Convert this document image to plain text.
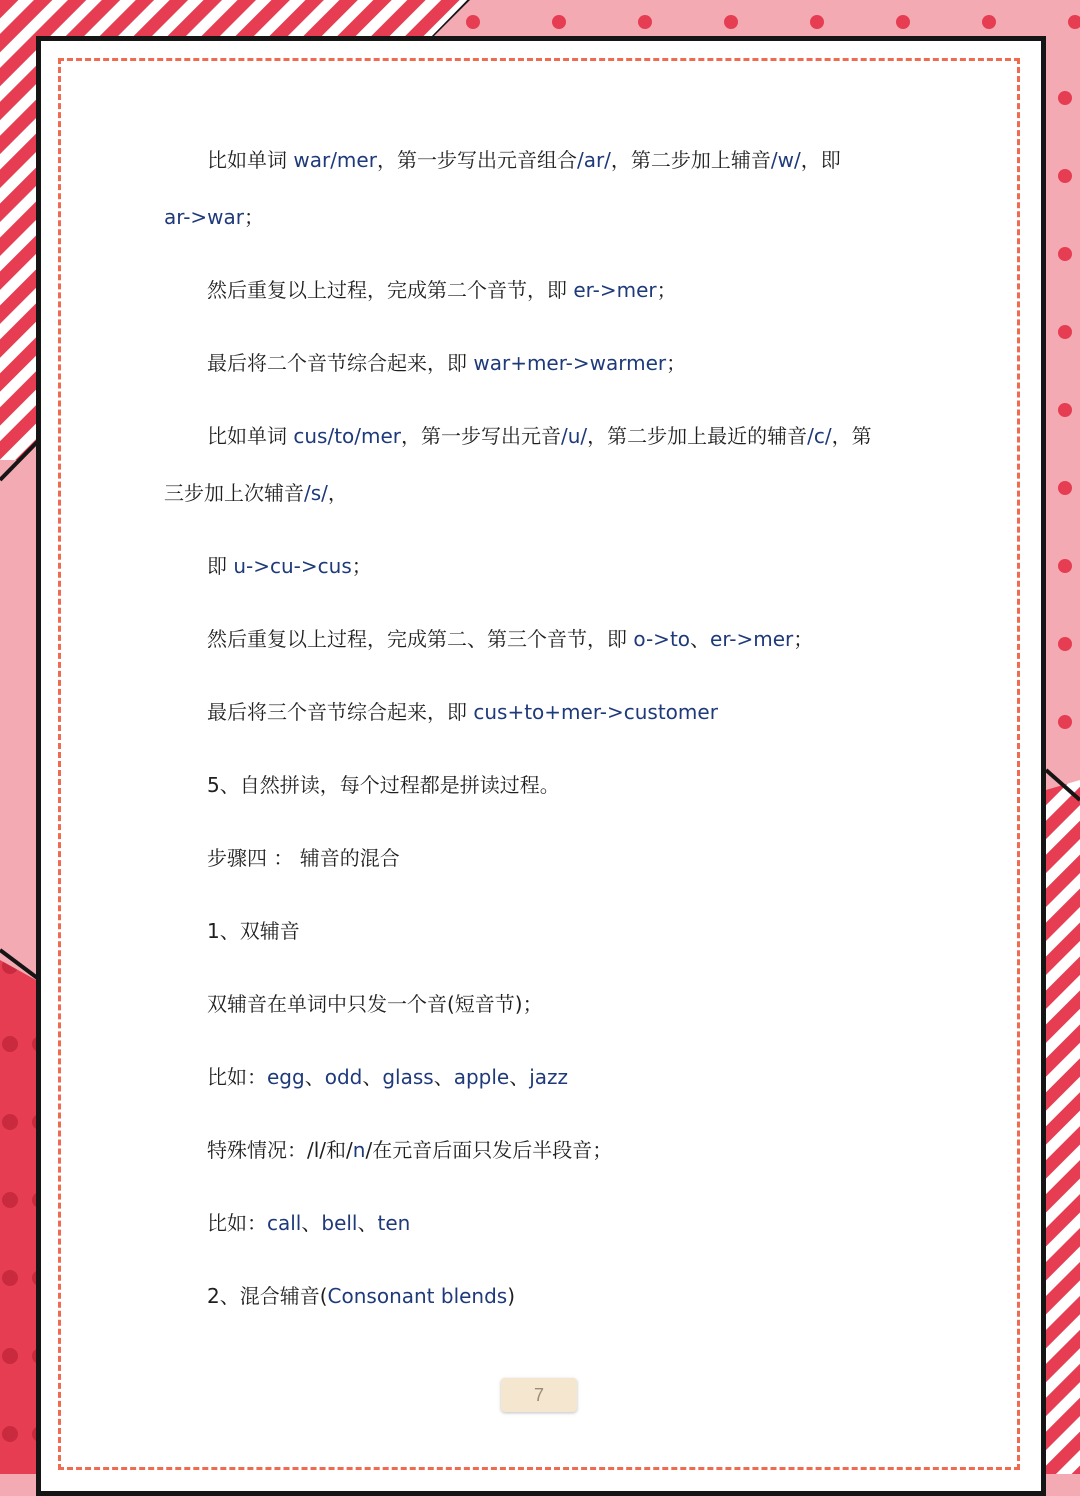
比如单词 war/mer，第一步写出元音组合/ar/，第二步加上辅音/w/，即
ar->war；
然后重复以上过程，完成第二个音节，即 er->mer；
最后将二个音节综合起来，即 war+mer->warmer；
比如单词 cus/to/mer，第一步写出元音/u/，第二步加上最近的辅音/c/，第
三步加上次辅音/s/，
即 u->cu->cus；
然后重复以上过程，完成第二、第三个音节，即 o->to、er->mer；
最后将三个音节综合起来，即 cus+to+mer->customer
5、自然拼读，每个过程都是拼读过程。
步骤四 ： 辅音的混合
1、双辅音
双辅音在单词中只发一个音(短音节)；
比如：egg、odd、glass、apple、jazz
特殊情况：/l/和/n/在元音后面只发后半段音；
比如：call、bell、ten
2、混合辅音(Consonant blends)
7
